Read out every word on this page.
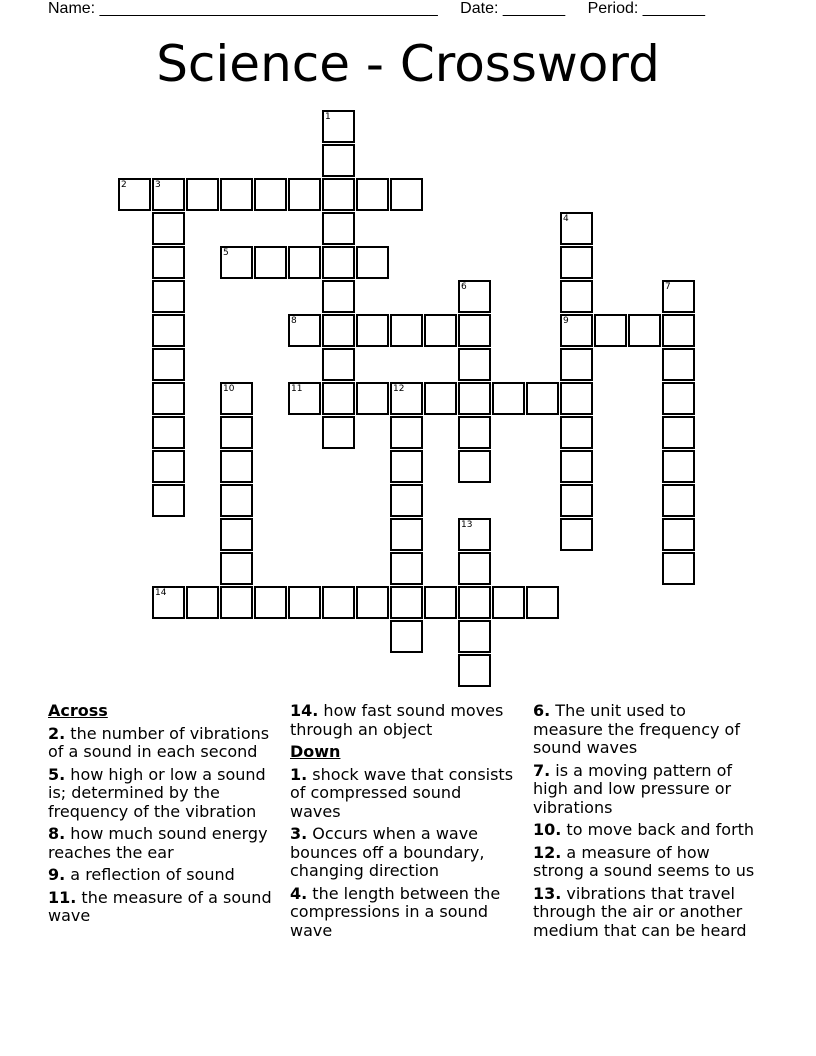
Name: ______________________________________ Date: _______ Period: _______
Science - Crossword
1
2	3
4
9
5
6	7
8
10	11	12
13
14
Across
2. the number of vibrations of a sound in each second
5. how high or low a sound is; determined by the frequency of the vibration
8. how much sound energy reaches the ear
9. a reflection of sound
11. the measure of a sound wave
14. how fast sound moves through an object
Down
1. shock wave that consists of compressed sound waves
3. Occurs when a wave bounces off a boundary, changing direction
4. the length between the compressions in a sound wave
6. The unit used to measure the frequency of sound waves
7. is a moving pattern of high and low pressure or vibrations
10. to move back and forth
12. a measure of how strong a sound seems to us
13. vibrations that travel through the air or another medium that can be heard
